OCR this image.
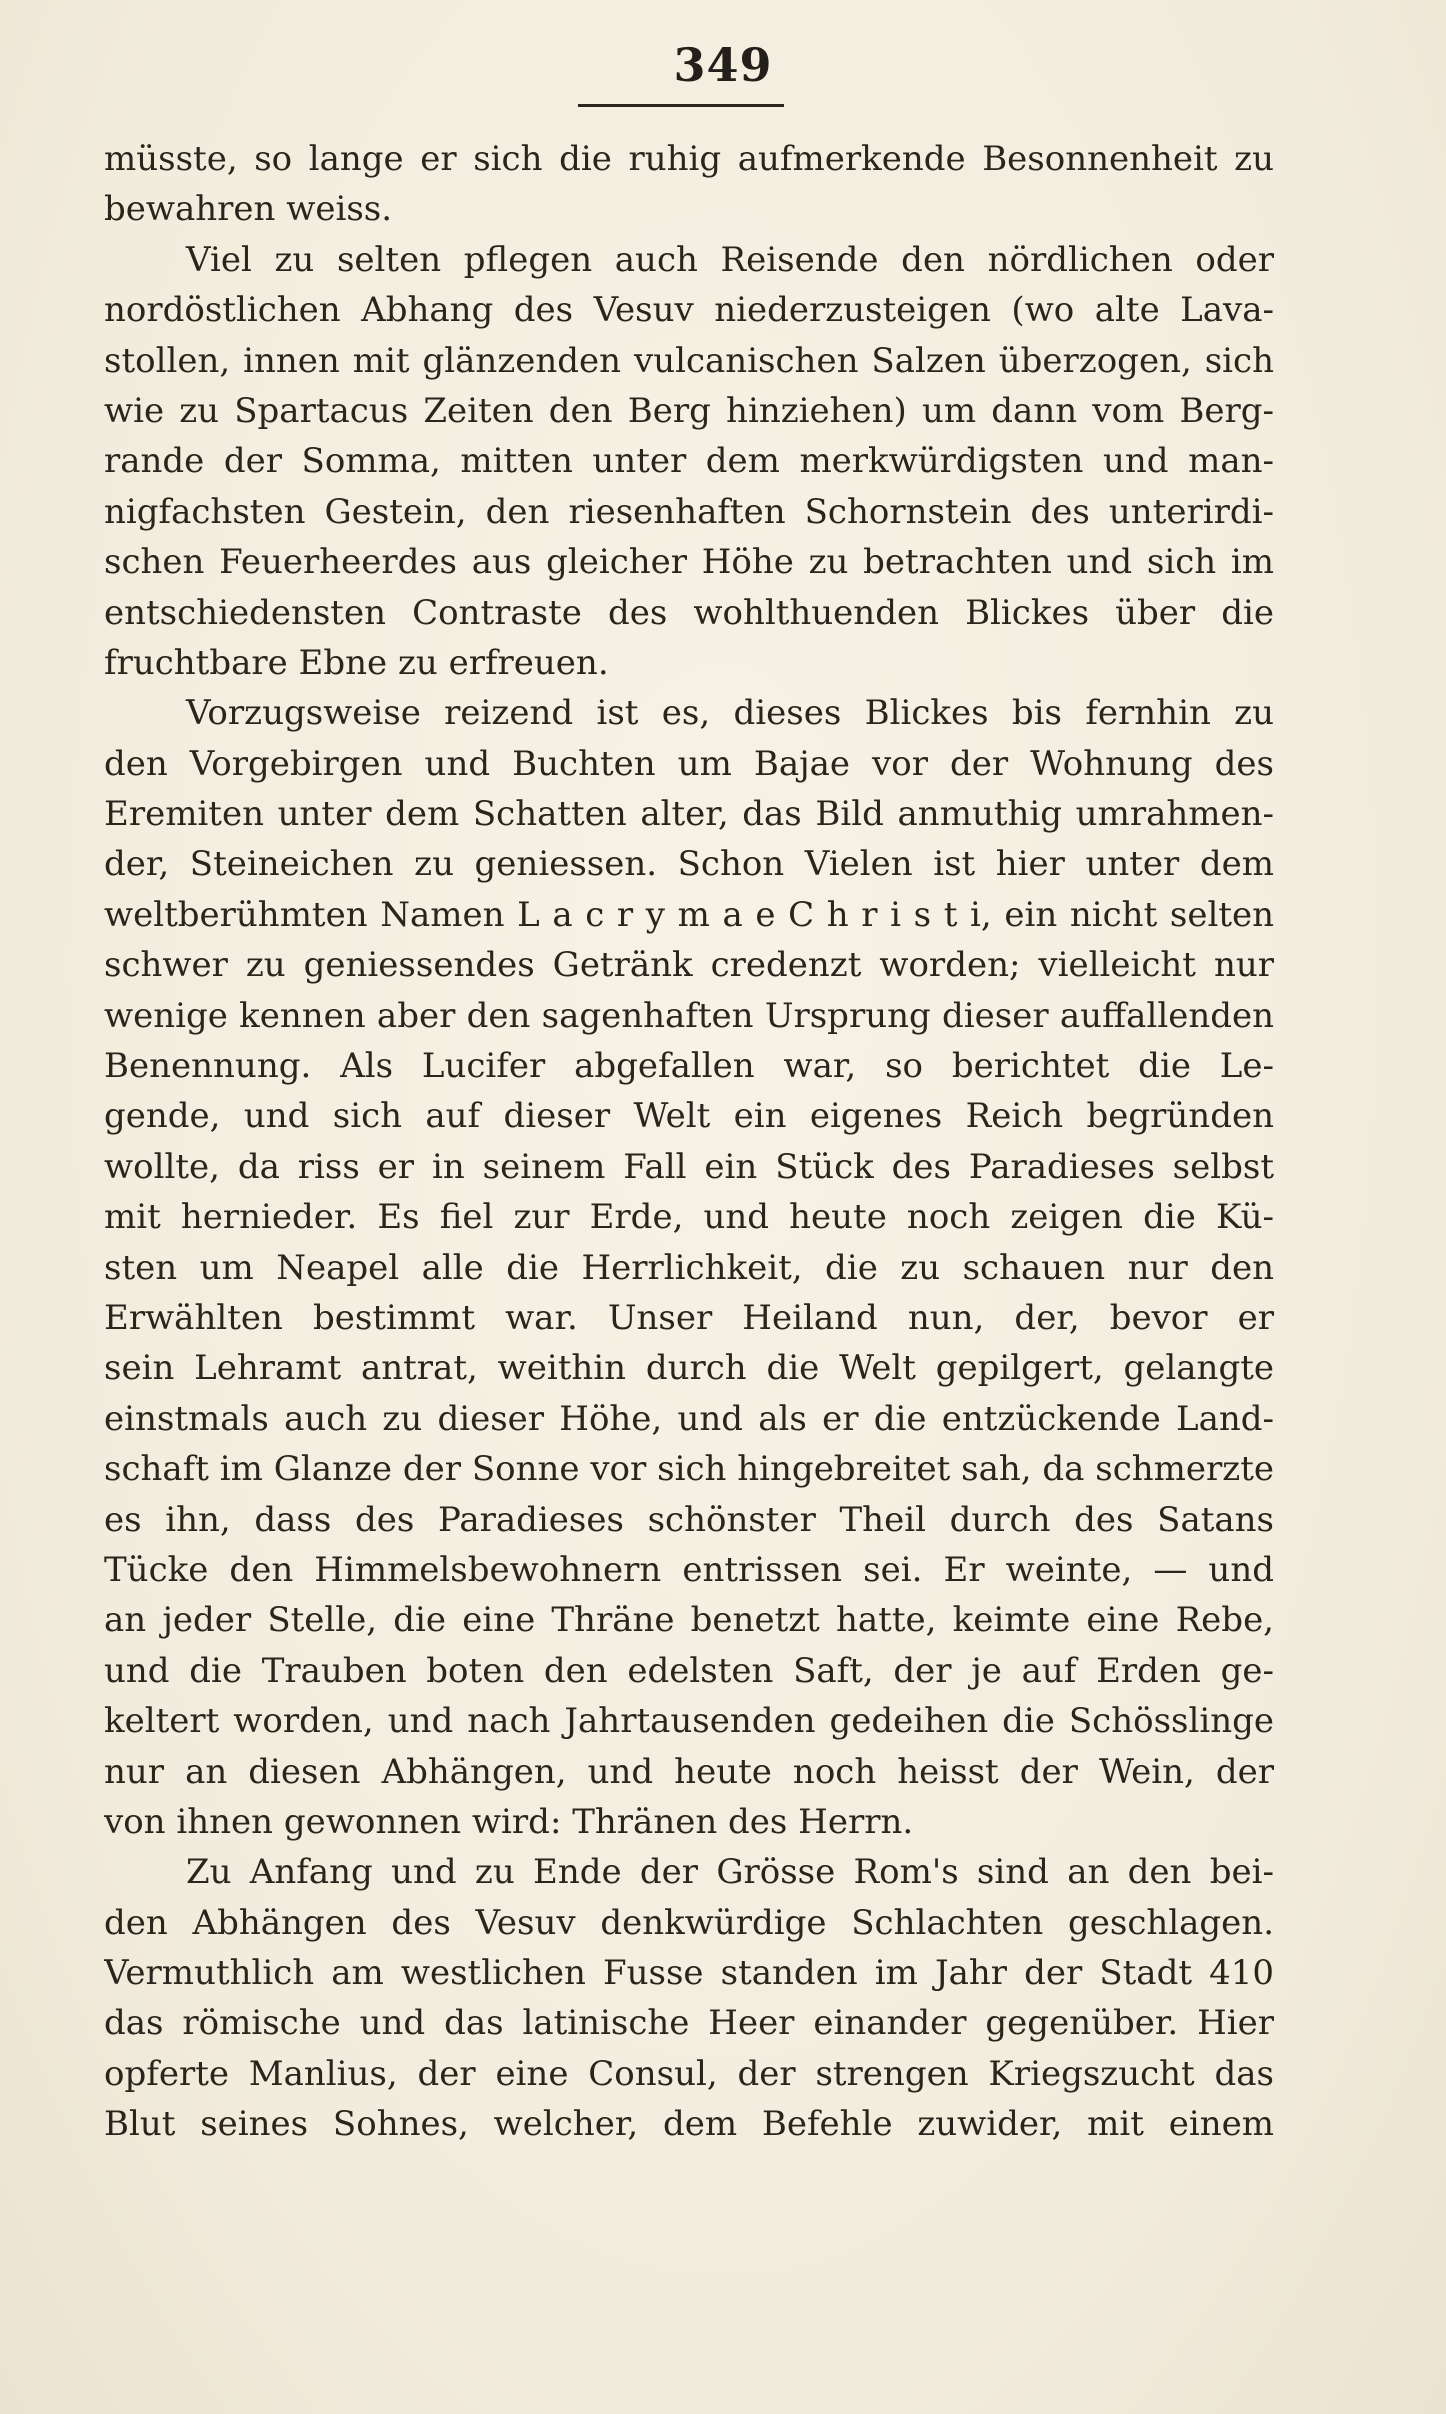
349
müsste, so lange er sich die ruhig aufmerkende Besonnenheit zu
bewahren weiss.
Viel zu selten pflegen auch Reisende den nördlichen oder
nordöstlichen Abhang des Vesuv niederzusteigen (wo alte Lava-
stollen, innen mit glänzenden vulcanischen Salzen überzogen, sich
wie zu Spartacus Zeiten den Berg hinziehen) um dann vom Berg-
rande der Somma, mitten unter dem merkwürdigsten und man-
nigfachsten Gestein, den riesenhaften Schornstein des unterirdi-
schen Feuerheerdes aus gleicher Höhe zu betrachten und sich im
entschiedensten Contraste des wohlthuenden Blickes über die
fruchtbare Ebne zu erfreuen.
Vorzugsweise reizend ist es, dieses Blickes bis fernhin zu
den Vorgebirgen und Buchten um Bajae vor der Wohnung des
Eremiten unter dem Schatten alter, das Bild anmuthig umrahmen-
der, Steineichen zu geniessen. Schon Vielen ist hier unter dem
weltberühmten Namen L a c r y m a e C h r i s t i, ein nicht selten
schwer zu geniessendes Getränk credenzt worden; vielleicht nur
wenige kennen aber den sagenhaften Ursprung dieser auffallenden
Benennung. Als Lucifer abgefallen war, so berichtet die Le-
gende, und sich auf dieser Welt ein eigenes Reich begründen
wollte, da riss er in seinem Fall ein Stück des Paradieses selbst
mit hernieder. Es fiel zur Erde, und heute noch zeigen die Kü-
sten um Neapel alle die Herrlichkeit, die zu schauen nur den
Erwählten bestimmt war. Unser Heiland nun, der, bevor er
sein Lehramt antrat, weithin durch die Welt gepilgert, gelangte
einstmals auch zu dieser Höhe, und als er die entzückende Land-
schaft im Glanze der Sonne vor sich hingebreitet sah, da schmerzte
es ihn, dass des Paradieses schönster Theil durch des Satans
Tücke den Himmelsbewohnern entrissen sei. Er weinte, — und
an jeder Stelle, die eine Thräne benetzt hatte, keimte eine Rebe,
und die Trauben boten den edelsten Saft, der je auf Erden ge-
keltert worden, und nach Jahrtausenden gedeihen die Schösslinge
nur an diesen Abhängen, und heute noch heisst der Wein, der
von ihnen gewonnen wird: Thränen des Herrn.
Zu Anfang und zu Ende der Grösse Rom's sind an den bei-
den Abhängen des Vesuv denkwürdige Schlachten geschlagen.
Vermuthlich am westlichen Fusse standen im Jahr der Stadt 410
das römische und das latinische Heer einander gegenüber. Hier
opferte Manlius, der eine Consul, der strengen Kriegszucht das
Blut seines Sohnes, welcher, dem Befehle zuwider, mit einem
